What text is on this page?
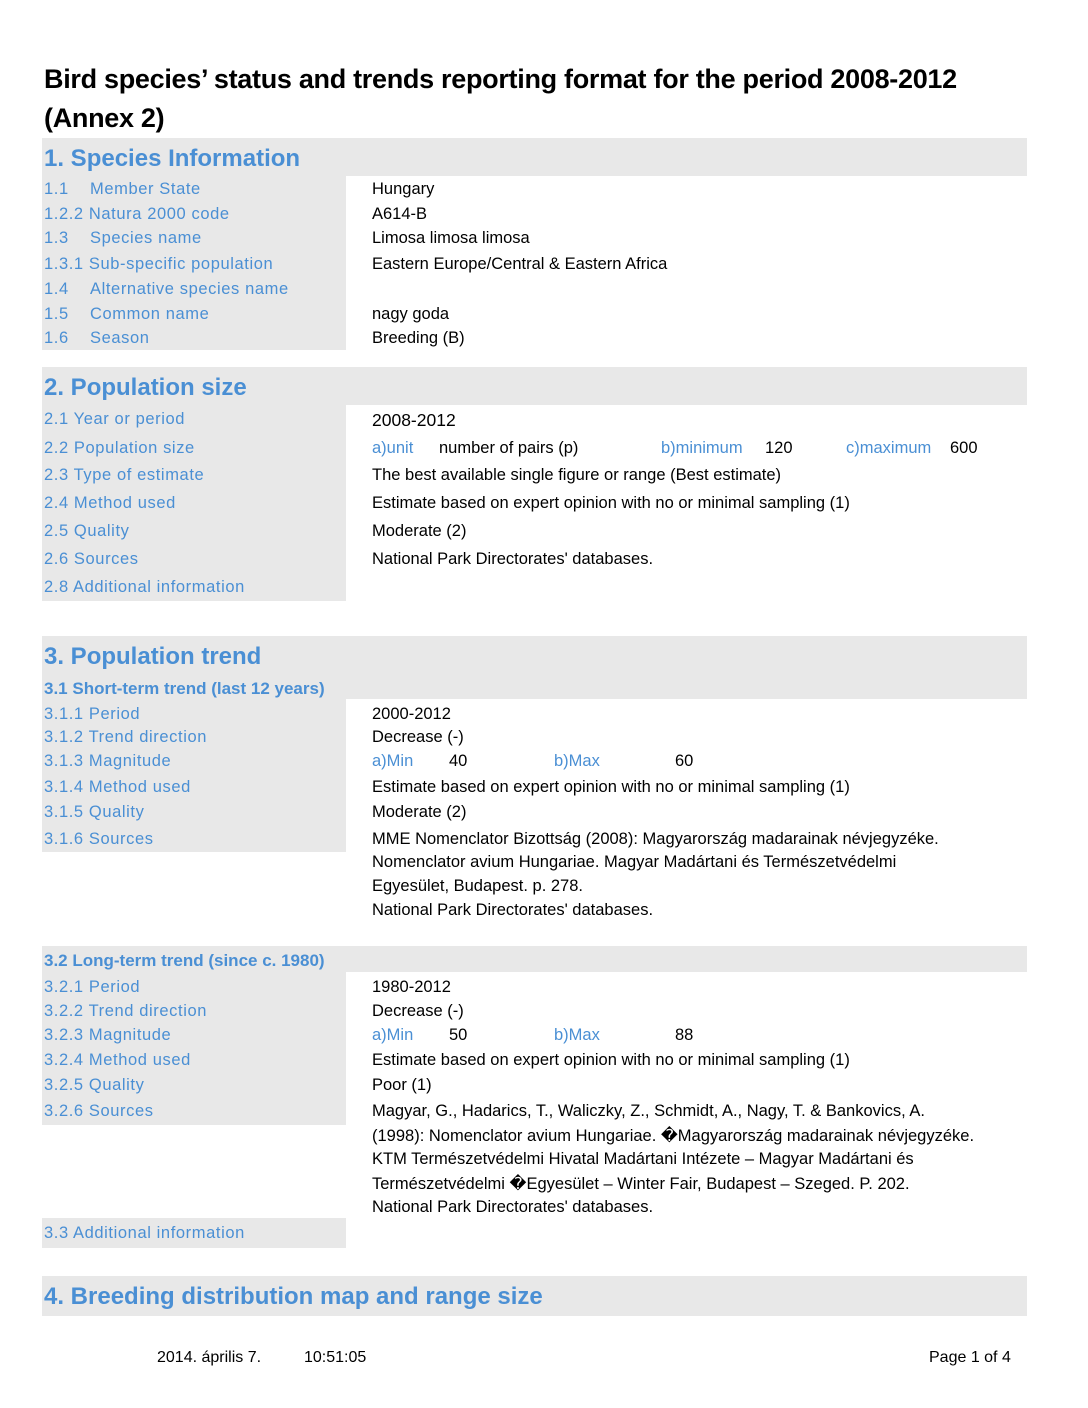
Bird species’ status and trends reporting format for the period 2008-2012 (Annex 2)
1. Species Information
1.1 Member State	Hungary
1.2.2 Natura 2000 code	A614-B
1.3 Species name	Limosa limosa limosa
1.3.1 Sub-specific population	Eastern Europe/Central & Eastern Africa
1.4 Alternative species name
1.5 Common name	nagy goda
1.6 Season	Breeding (B)
2. Population size
2.1 Year or period	2008-2012
2.2 Population size	a)unit number of pairs (p)	b)minimum 120	c)maximum 600
2.3 Type of estimate	The best available single figure or range (Best estimate)
2.4 Method used	Estimate based on expert opinion with no or minimal sampling (1)
2.5 Quality	Moderate (2)
2.6 Sources	National Park Directorates' databases.
2.8 Additional information
3. Population trend
3.1 Short-term trend (last 12 years)
3.1.1 Period	2000-2012
3.1.2 Trend direction	Decrease (-)
3.1.3 Magnitude	a)Min 40	b)Max	60
3.1.4 Method used	Estimate based on expert opinion with no or minimal sampling (1)
3.1.5 Quality	Moderate (2)
3.1.6 Sources	MME Nomenclator Bizottság (2008): Magyarország madarainak névjegyzéke.
Nomenclator avium Hungariae. Magyar Madártani és Természetvédelmi
Egyesület, Budapest. p. 278.
National Park Directorates' databases.
3.2 Long-term trend (since c. 1980)
3.2.1 Period	1980-2012
3.2.2 Trend direction	Decrease (-)
3.2.3 Magnitude	a)Min 50	b)Max	88
3.2.4 Method used	Estimate based on expert opinion with no or minimal sampling (1)
3.2.5 Quality	Poor (1)
3.2.6 Sources	Magyar, G., Hadarics, T., Waliczky, Z., Schmidt, A., Nagy, T. & Bankovics, A.
(1998): Nomenclator avium Hungariae. �Magyarország madarainak névjegyzéke.
KTM Természetvédelmi Hivatal Madártani Intézete – Magyar Madártani és
Természetvédelmi �Egyesület – Winter Fair, Budapest – Szeged. P. 202.
National Park Directorates' databases.
3.3 Additional information
4. Breeding distribution map and range size
2014. április 7.	10:51:05	Page 1 of 4
